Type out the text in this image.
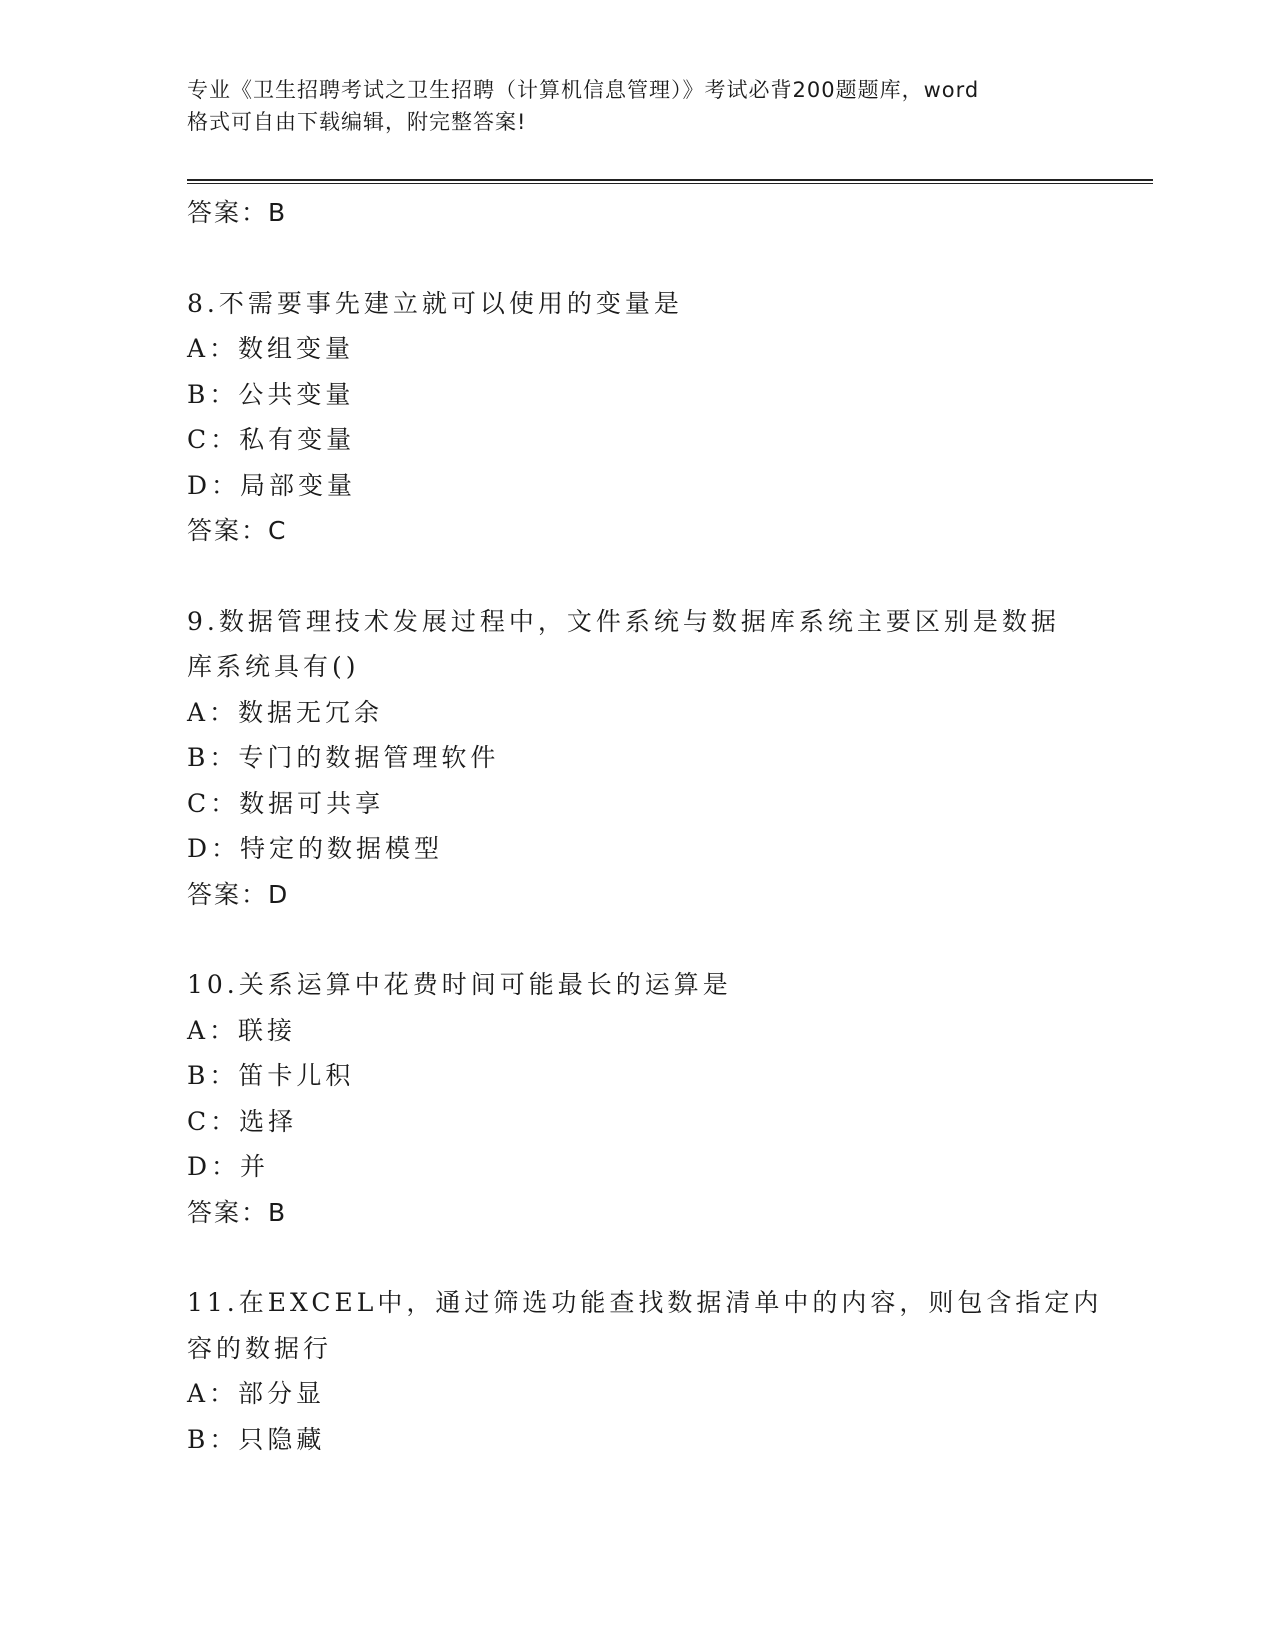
专业《卫生招聘考试之卫生招聘（计算机信息管理）》考试必背200题题库，word
格式可自由下载编辑，附完整答案!
答案：B
8.不需要事先建立就可以使用的变量是
A：数组变量
B：公共变量
C：私有变量
D：局部变量
答案：C
9.数据管理技术发展过程中，文件系统与数据库系统主要区别是数据
库系统具有()
A：数据无冗余
B：专门的数据管理软件
C：数据可共享
D：特定的数据模型
答案：D
10.关系运算中花费时间可能最长的运算是
A：联接
B：笛卡儿积
C：选择
D：并
答案：B
11.在EXCEL中，通过筛选功能查找数据清单中的内容，则包含指定内
容的数据行
A：部分显
B：只隐藏
